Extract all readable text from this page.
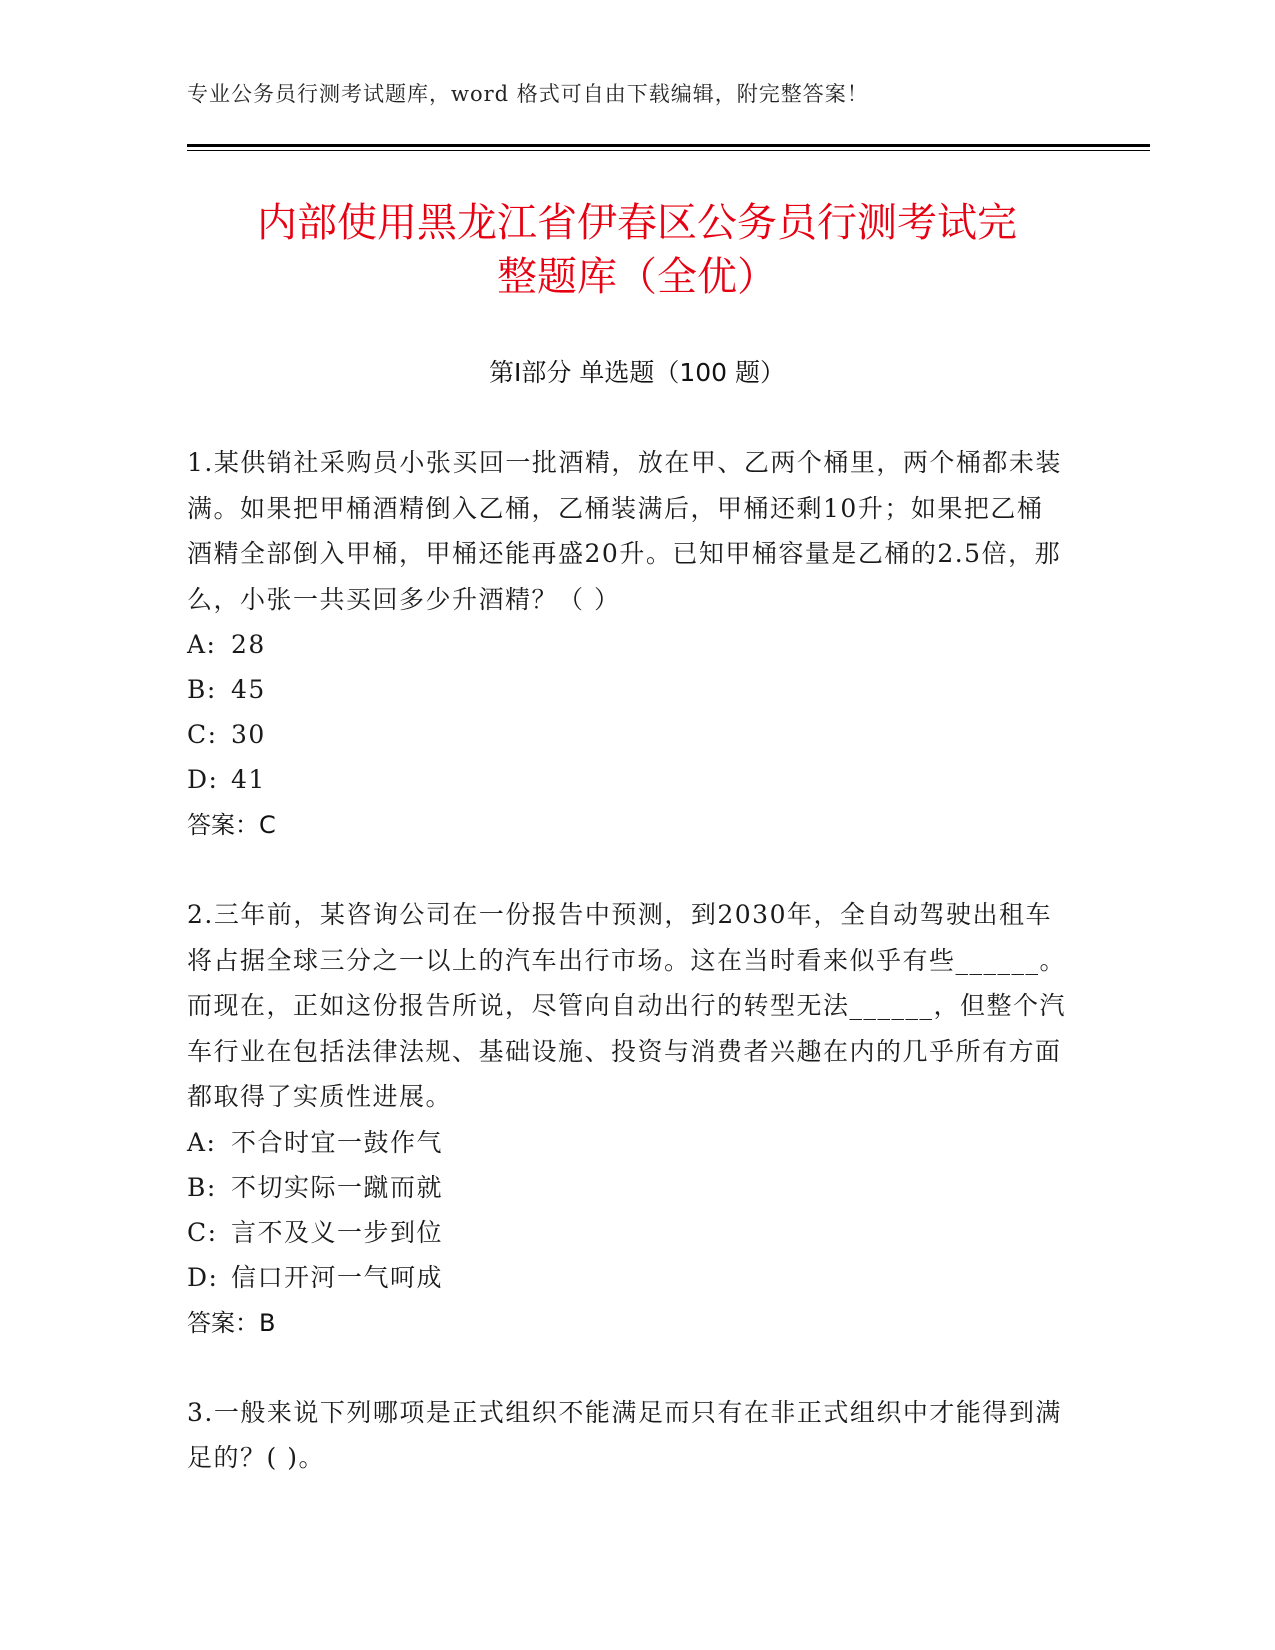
专业公务员行测考试题库，word 格式可自由下载编辑，附完整答案！
内部使用黑龙江省伊春区公务员行测考试完
整题库（全优）
第Ⅰ部分 单选题（100 题）

1.某供销社采购员小张买回一批酒精，放在甲、乙两个桶里，两个桶都未装满。如果把甲桶酒精倒入乙桶，乙桶装满后，甲桶还剩10升；如果把乙桶酒精全部倒入甲桶，甲桶还能再盛20升。已知甲桶容量是乙桶的2.5倍，那么，小张一共买回多少升酒精？（ ）

A: 28

B: 45

C: 30

D: 41

答案：C

2.三年前，某咨询公司在一份报告中预测，到2030年，全自动驾驶出租车将占据全球三分之一以上的汽车出行市场。这在当时看来似乎有些______。而现在，正如这份报告所说，尽管向自动出行的转型无法______，但整个汽车行业在包括法律法规、基础设施、投资与消费者兴趣在内的几乎所有方面都取得了实质性进展。

A: 不合时宜一鼓作气

B: 不切实际一蹴而就

C: 言不及义一步到位

D: 信口开河一气呵成

答案：B

3.一般来说下列哪项是正式组织不能满足而只有在非正式组织中才能得到满足的？( )。
